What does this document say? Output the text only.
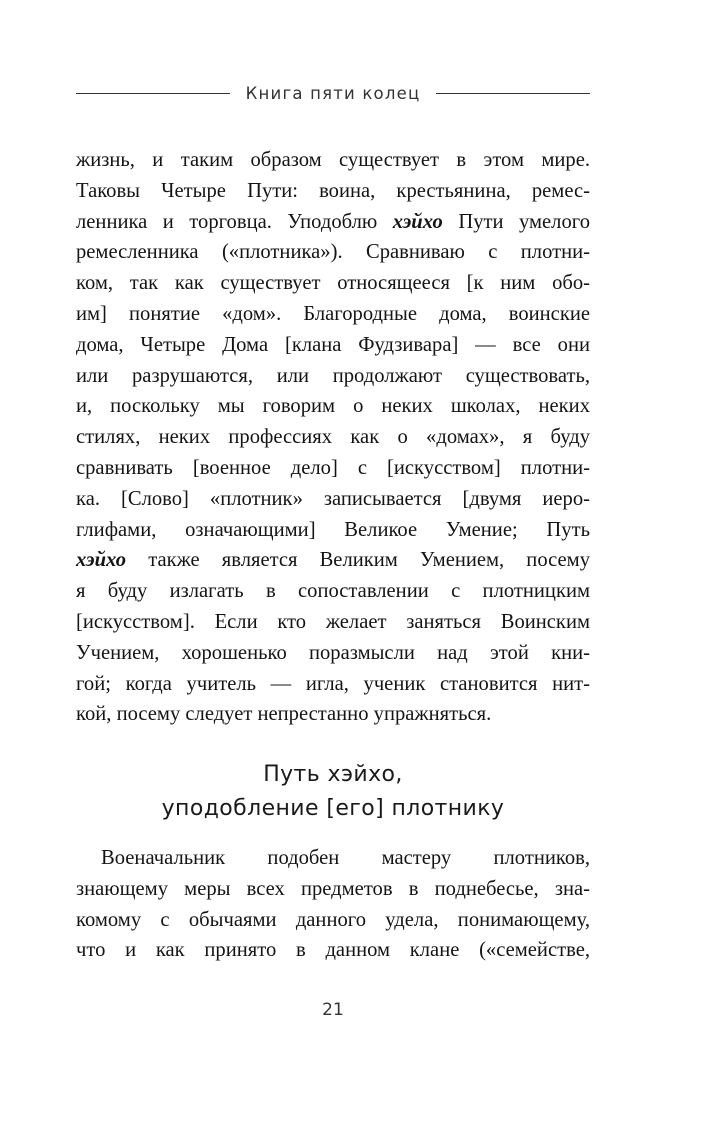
Книга пяти колец
жизнь, и таким образом существует в этом мире.
Таковы Четыре Пути: воина, крестьянина, ремес-
ленника и торговца. Уподоблю хэйхо Пути умелого
ремесленника («плотника»). Сравниваю с плотни-
ком, так как существует относящееся [к ним обо-
им] понятие «дом». Благородные дома, воинские
дома, Четыре Дома [клана Фудзивара] — все они
или разрушаются, или продолжают существовать,
и, поскольку мы говорим о неких школах, неких
стилях, неких профессиях как о «домах», я буду
сравнивать [военное дело] с [искусством] плотни-
ка. [Слово] «плотник» записывается [двумя иеро-
глифами, означающими] Великое Умение; Путь
хэйхо также является Великим Умением, посему
я буду излагать в сопоставлении с плотницким
[искусством]. Если кто желает заняться Воинским
Учением, хорошенько поразмысли над этой кни-
гой; когда учитель — игла, ученик становится нит-
кой, посему следует непрестанно упражняться.
Путь хэйхо,
уподобление [его] плотнику
Военачальник подобен мастеру плотников,
знающему меры всех предметов в поднебесье, зна-
комому с обычаями данного удела, понимающему,
что и как принято в данном клане («семействе,
21
